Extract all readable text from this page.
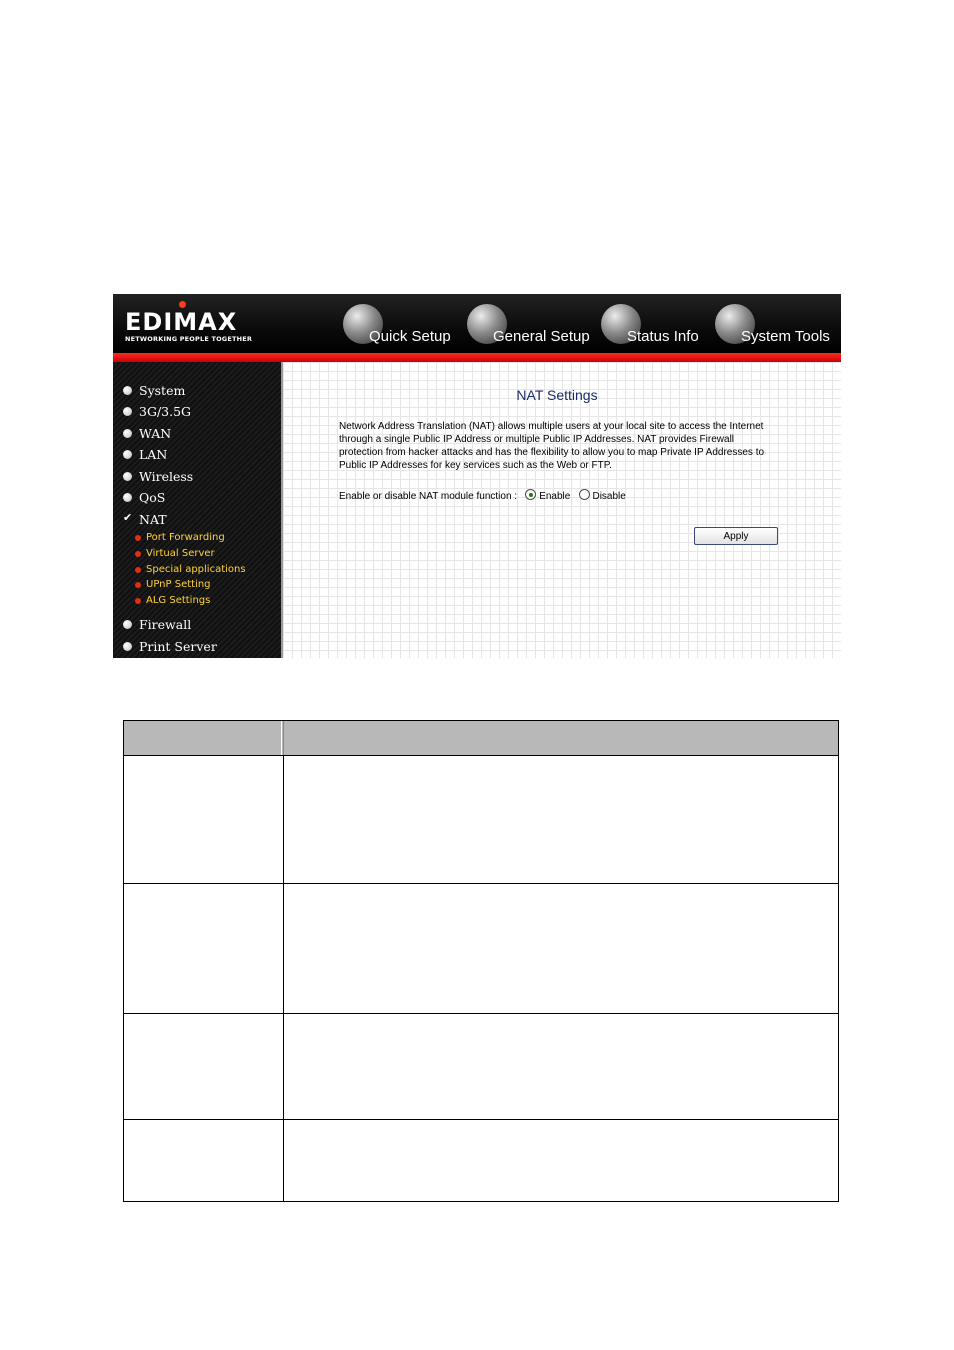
EDIMAX
NETWORKING PEOPLE TOGETHER	Quick Setup	General Setup Status Info	System Tools
System
3G/3.5G
WAN
LAN
Wireless
QoS
✔ NAT
Port Forwarding
Virtual Server
Special applications
UPnP Setting
ALG Settings
Firewall
Print Server
NAT Settings
Network Address Translation (NAT) allows multiple users at your local site to access the Internet through a single Public IP Address or multiple Public IP Addresses. NAT provides Firewall protection from hacker attacks and has the flexibility to allow you to map Private IP Addresses to Public IP Addresses for key services such as the Web or FTP.
Enable or disable NAT module function : Enable Disable
Apply
